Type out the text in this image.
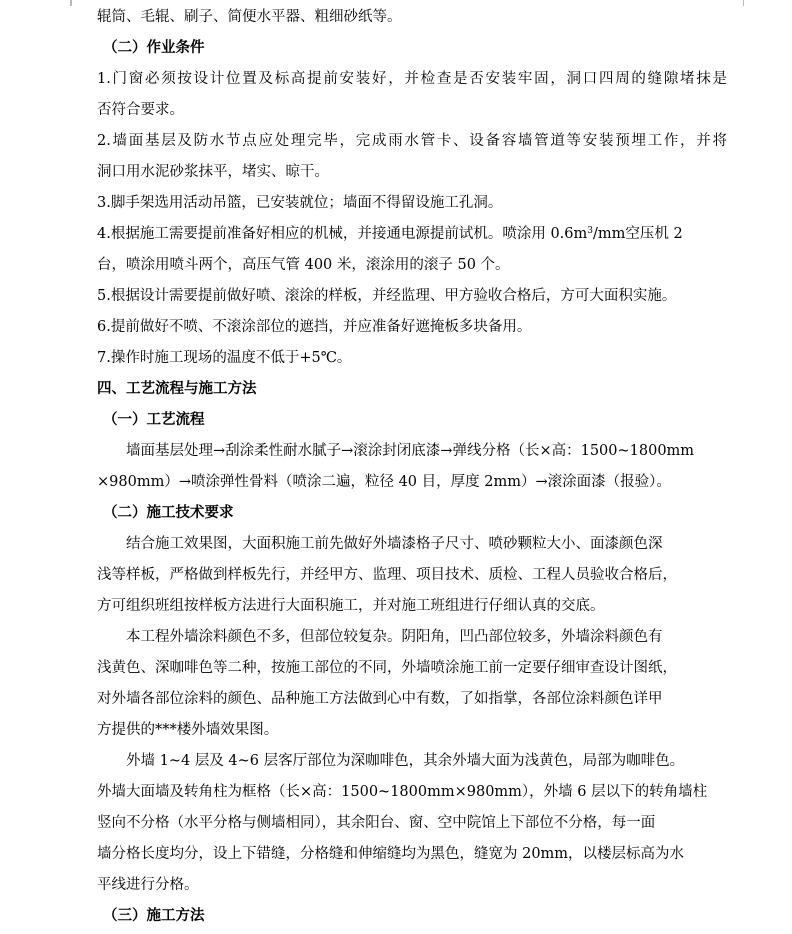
辊筒、毛辊、刷子、简便水平器、粗细砂纸等。
（二）作业条件
1.门窗必须按设计位置及标高提前安装好，并检查是否安装牢固，洞口四周的缝隙堵抹是
否符合要求。
2.墙面基层及防水节点应处理完毕，完成雨水管卡、设备容墙管道等安装预埋工作，并将
洞口用水泥砂浆抹平，堵实、晾干。
3.脚手架选用活动吊篮，已安装就位；墙面不得留设施工孔洞。
4.根据施工需要提前准备好相应的机械，并接通电源提前试机。喷涂用 $0.6m^3/mm$空压机 2
台，喷涂用喷斗两个，高压气管 400 米，滚涂用的滚子 50 个。
5.根据设计需要提前做好喷、滚涂的样板，并经监理、甲方验收合格后，方可大面积实施。
6.提前做好不喷、不滚涂部位的遮挡，并应准备好遮掩板多块备用。
7.操作时施工现场的温度不低于+5℃。
四、工艺流程与施工方法
（一）工艺流程
墙面基层处理→刮涂柔性耐水腻子→滚涂封闭底漆→弹线分格（长×高：1500~1800mm
×980mm）→喷涂弹性骨料（喷涂二遍，粒径 40 目，厚度 2mm）→滚涂面漆（报验）。
（二）施工技术要求
结合施工效果图，大面积施工前先做好外墙漆格子尺寸、喷砂颗粒大小、面漆颜色深
浅等样板，严格做到样板先行，并经甲方、监理、项目技术、质检、工程人员验收合格后，
方可组织班组按样板方法进行大面积施工，并对施工班组进行仔细认真的交底。
本工程外墙涂料颜色不多，但部位较复杂。阴阳角，凹凸部位较多，外墙涂料颜色有
浅黄色、深咖啡色等二种，按施工部位的不同，外墙喷涂施工前一定要仔细审查设计图纸，
对外墙各部位涂料的颜色、品种施工方法做到心中有数，了如指掌，各部位涂料颜色详甲
方提供的***楼外墙效果图。
外墙 1~4 层及 4~6 层客厅部位为深咖啡色，其余外墙大面为浅黄色，局部为咖啡色。
外墙大面墙及转角柱为框格（长×高：1500~1800mm×980mm），外墙 6 层以下的转角墙柱
竖向不分格（水平分格与侧墙相同），其余阳台、窗、空中院馆上下部位不分格，每一面
墙分格长度均分，设上下错缝，分格缝和伸缩缝均为黑色，缝宽为 20mm，以楼层标高为水
平线进行分格。
（三）施工方法
